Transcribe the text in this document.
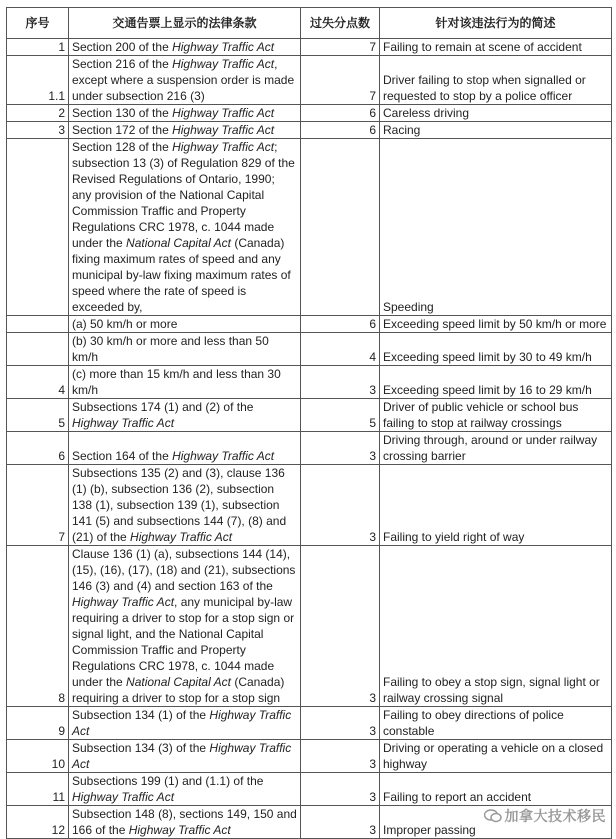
序号	交通告票上显示的法律条款	过失分点数	针对该违法行为的简述
1	Section 200 of the Highway Traffic Act	7	Failing to remain at scene of accident
1.1	Section 216 of the Highway Traffic Act, except where a suspension order is made under subsection 216 (3)	7	Driver failing to stop when signalled or requested to stop by a police officer
2	Section 130 of the Highway Traffic Act	6	Careless driving
3	Section 172 of the Highway Traffic Act	6	Racing
	Section 128 of the Highway Traffic Act; subsection 13 (3) of Regulation 829 of the Revised Regulations of Ontario, 1990; any provision of the National Capital Commission Traffic and Property Regulations CRC 1978, c. 1044 made under the National Capital Act (Canada) fixing maximum rates of speed and any municipal by-law fixing maximum rates of speed where the rate of speed is exceeded by,		Speeding
	(a) 50 km/h or more	6	Exceeding speed limit by 50 km/h or more
	(b) 30 km/h or more and less than 50 km/h	4	Exceeding speed limit by 30 to 49 km/h
4	(c) more than 15 km/h and less than 30 km/h	3	Exceeding speed limit by 16 to 29 km/h
5	Subsections 174 (1) and (2) of the Highway Traffic Act	5	Driver of public vehicle or school bus failing to stop at railway crossings
6	Section 164 of the Highway Traffic Act	3	Driving through, around or under railway crossing barrier
7	Subsections 135 (2) and (3), clause 136 (1) (b), subsection 136 (2), subsection 138 (1), subsection 139 (1), subsection 141 (5) and subsections 144 (7), (8) and (21) of the Highway Traffic Act	3	Failing to yield right of way
8	Clause 136 (1) (a), subsections 144 (14), (15), (16), (17), (18) and (21), subsections 146 (3) and (4) and section 163 of the Highway Traffic Act, any municipal by-law requiring a driver to stop for a stop sign or signal light, and the National Capital Commission Traffic and Property Regulations CRC 1978, c. 1044 made under the National Capital Act (Canada) requiring a driver to stop for a stop sign	3	Failing to obey a stop sign, signal light or railway crossing signal
9	Subsection 134 (1) of the Highway Traffic Act	3	Failing to obey directions of police constable
10	Subsection 134 (3) of the Highway Traffic Act	3	Driving or operating a vehicle on a closed highway
11	Subsections 199 (1) and (1.1) of the Highway Traffic Act	3	Failing to report an accident
12	Subsection 148 (8), sections 149, 150 and 166 of the Highway Traffic Act	3	Improper passing
加拿大技术移民
